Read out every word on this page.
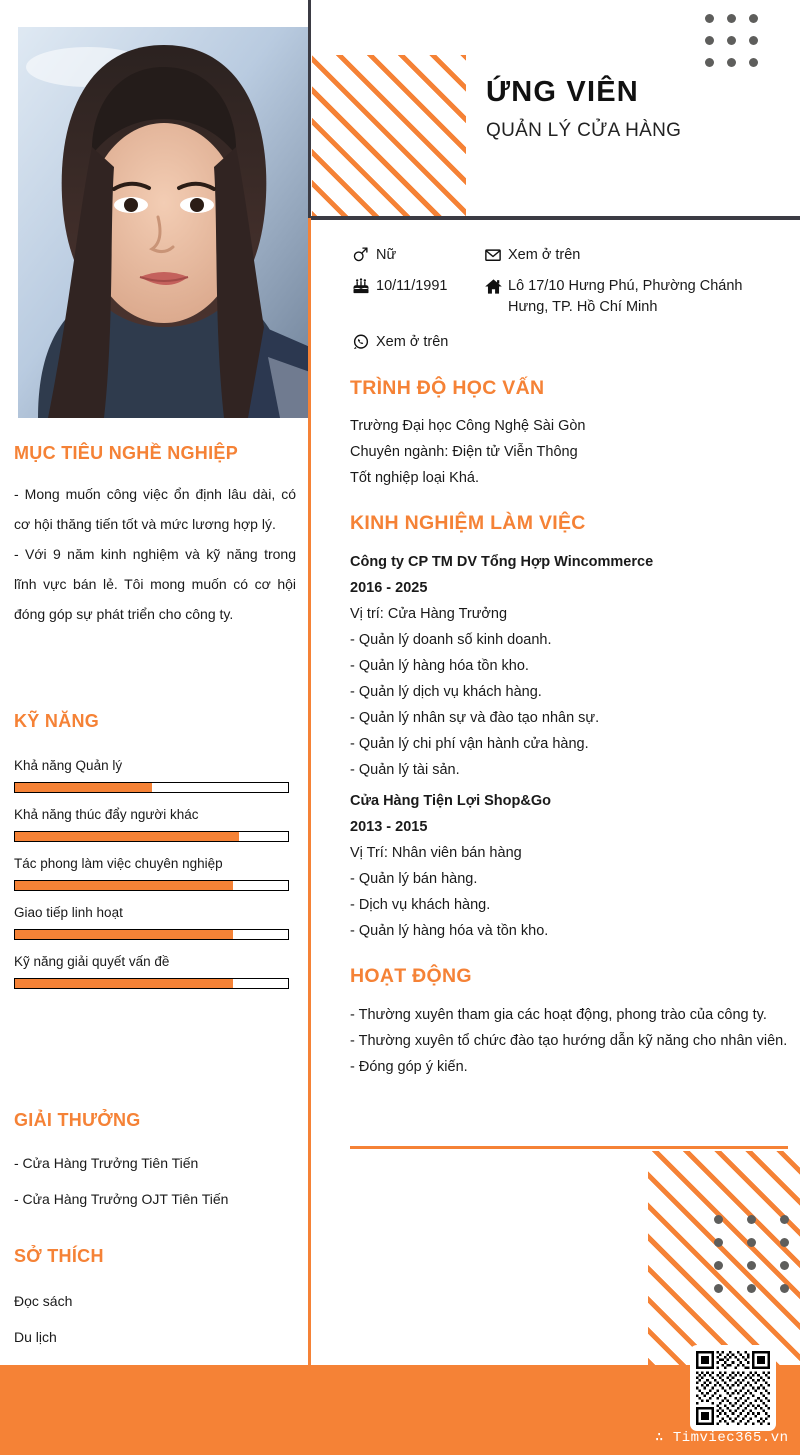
ỨNG VIÊN
QUẢN LÝ CỬA HÀNG
Nữ	Xem ở trên
10/11/1991	Lô 17/10 Hưng Phú, Phường Chánh Hưng, TP. Hồ Chí Minh
Xem ở trên
TRÌNH ĐỘ HỌC VẤN
Trường Đại học Công Nghệ Sài Gòn
Chuyên ngành: Điện tử Viễn Thông
Tốt nghiệp loại Khá.
KINH NGHIỆM LÀM VIỆC
Công ty CP TM DV Tổng Hợp Wincommerce
2016 - 2025
Vị trí: Cửa Hàng Trưởng
- Quản lý doanh số kinh doanh.
- Quản lý hàng hóa tồn kho.
- Quản lý dịch vụ khách hàng.
- Quản lý nhân sự và đào tạo nhân sự.
- Quản lý chi phí vận hành cửa hàng.
- Quản lý tài sản.
Cửa Hàng Tiện Lợi Shop&Go
2013 - 2015
Vị Trí: Nhân viên bán hàng
- Quản lý bán hàng.
- Dịch vụ khách hàng.
- Quản lý hàng hóa và tồn kho.
HOẠT ĐỘNG
- Thường xuyên tham gia các hoạt động, phong trào của công ty.
- Thường xuyên tổ chức đào tạo hướng dẫn kỹ năng cho nhân viên.
- Đóng góp ý kiến.
MỤC TIÊU NGHỀ NGHIỆP
- Mong muốn công việc ổn định lâu dài, có cơ hội thăng tiến tốt và mức lương hợp lý.
- Với 9 năm kinh nghiệm và kỹ năng trong lĩnh vực bán lẻ. Tôi mong muốn có cơ hội đóng góp sự phát triển cho công ty.
KỸ NĂNG
Khả năng Quản lý
Khả năng thúc đẩy người khác
Tác phong làm việc chuyên nghiệp
Giao tiếp linh hoạt
Kỹ năng giải quyết vấn đề
GIẢI THƯỞNG
- Cửa Hàng Trưởng Tiên Tiến
- Cửa Hàng Trưởng OJT Tiên Tiến
SỞ THÍCH
Đọc sách
Du lịch
∴ Timviec365.vn
